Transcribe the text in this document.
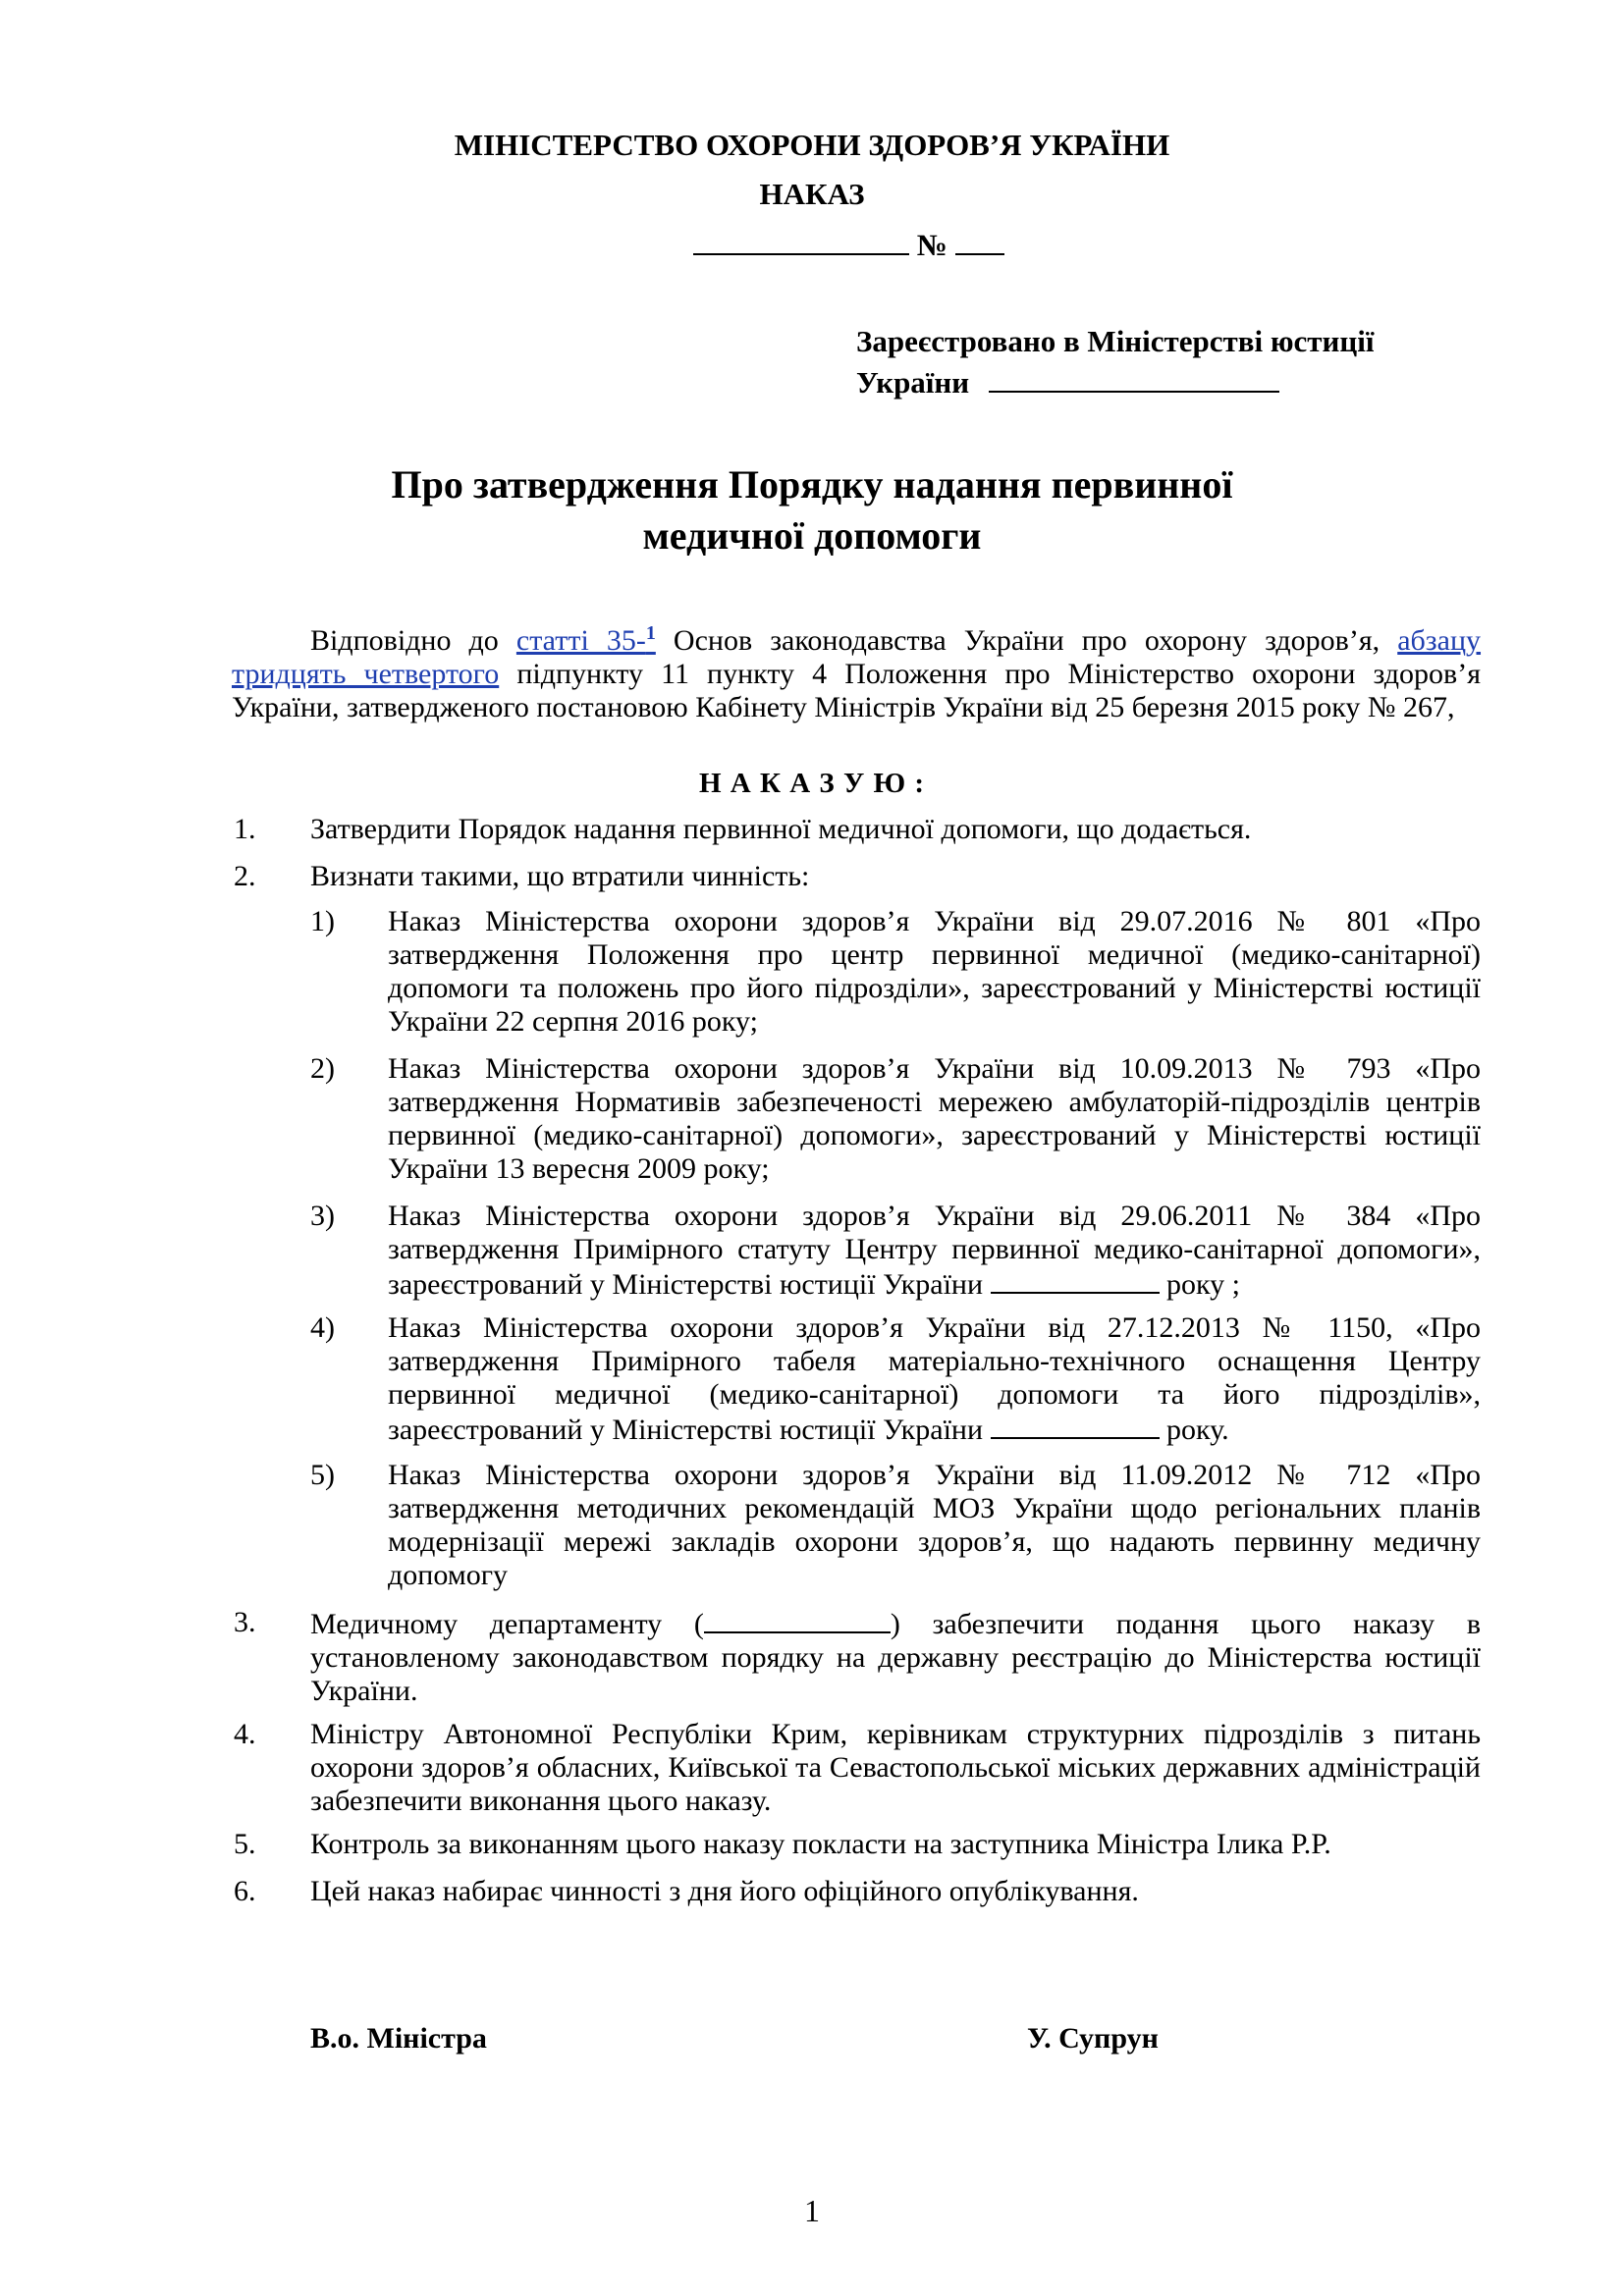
МІНІСТЕРСТВО ОХОРОНИ ЗДОРОВ’Я УКРАЇНИ
НАКАЗ
№
Зареєстровано в Міністерстві юстиції
України
Про затвердження Порядку надання первинної
медичної допомоги
Відповідно до статті 35-$^1$ Основ законодавства України про охорону здоров’я, абзацу тридцять четвертого підпункту 11 пункту 4 Положення про Міністерство охорони здоров’я України, затвердженого постановою Кабінету Міністрів України від 25 березня 2015 року № 267,
Н А К А З У Ю :
1. Затвердити Порядок надання первинної медичної допомоги, що додається.
2. Визнати такими, що втратили чинність:
1) Наказ Міністерства охорони здоров’я України від 29.07.2016 № 801 «Про затвердження Положення про центр первинної медичної (медико-санітарної) допомоги та положень про його підрозділи», зареєстрований у Міністерстві юстиції України 22 серпня 2016 року;
2) Наказ Міністерства охорони здоров’я України від 10.09.2013 № 793 «Про затвердження Нормативів забезпеченості мережею амбулаторій-підрозділів центрів первинної (медико-санітарної) допомоги», зареєстрований у Міністерстві юстиції України 13 вересня 2009 року;
3) Наказ Міністерства охорони здоров’я України від 29.06.2011 № 384 «Про затвердження Примірного статуту Центру первинної медико-санітарної допомоги», зареєстрований у Міністерстві юстиції України	року ;
4) Наказ Міністерства охорони здоров’я України від 27.12.2013 № 1150, «Про затвердження Примірного табеля матеріально-технічного оснащення Центру первинної медичної (медико-санітарної) допомоги та його підрозділів», зареєстрований у Міністерстві юстиції України	року.
5) Наказ Міністерства охорони здоров’я України від 11.09.2012 № 712 «Про затвердження методичних рекомендацій МОЗ України щодо регіональних планів модернізації мережі закладів охорони здоров’я, що надають первинну медичну допомогу
3. Медичному департаменту (	) забезпечити подання цього наказу в установленому законодавством порядку на державну реєстрацію до Міністерства юстиції України.
4. Міністру Автономної Республіки Крим, керівникам структурних підрозділів з питань охорони здоров’я обласних, Київської та Севастопольської міських державних адміністрацій забезпечити виконання цього наказу.
5. Контроль за виконанням цього наказу покласти на заступника Міністра Ілика Р.Р.
6. Цей наказ набирає чинності з дня його офіційного опублікування.
В.о. Міністра	У. Супрун
1
